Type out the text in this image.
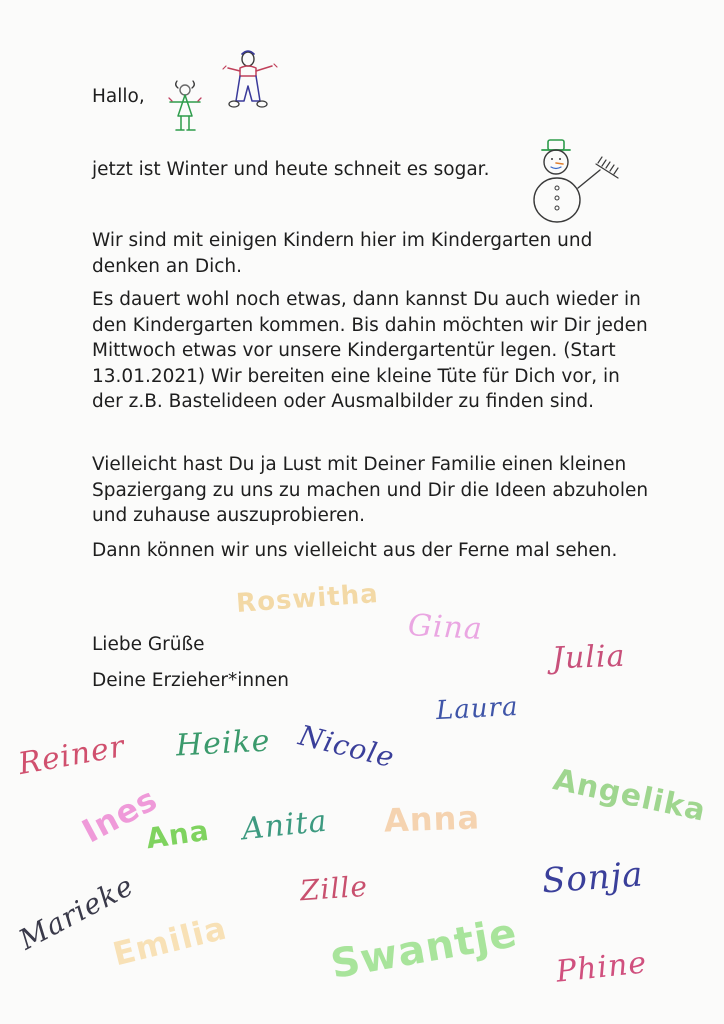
Hallo,

jetzt ist Winter und heute schneit es sogar.

Wir sind mit einigen Kindern hier im Kindergarten und denken an Dich.

Es dauert wohl noch etwas, dann kannst Du auch wieder in den Kindergarten kommen. Bis dahin möchten wir Dir jeden Mittwoch etwas vor unsere Kindergartentür legen. (Start 13.01.2021) Wir bereiten eine kleine Tüte für Dich vor, in der z.B. Bastelideen oder Ausmalbilder zu finden sind.

Vielleicht hast Du ja Lust mit Deiner Familie einen kleinen Spaziergang zu uns zu machen und Dir die Ideen abzuholen und zuhause auszuprobieren.

Dann können wir uns vielleicht aus der Ferne mal sehen.

Liebe Grüße

Deine Erzieher*innen

Roswitha

Gina

Julia

Laura

Reiner Heike Nicole

Angelika

Ines

Ana Anita Anna

Sonja

Marieke	Zille

Emilia Swantje Phine
